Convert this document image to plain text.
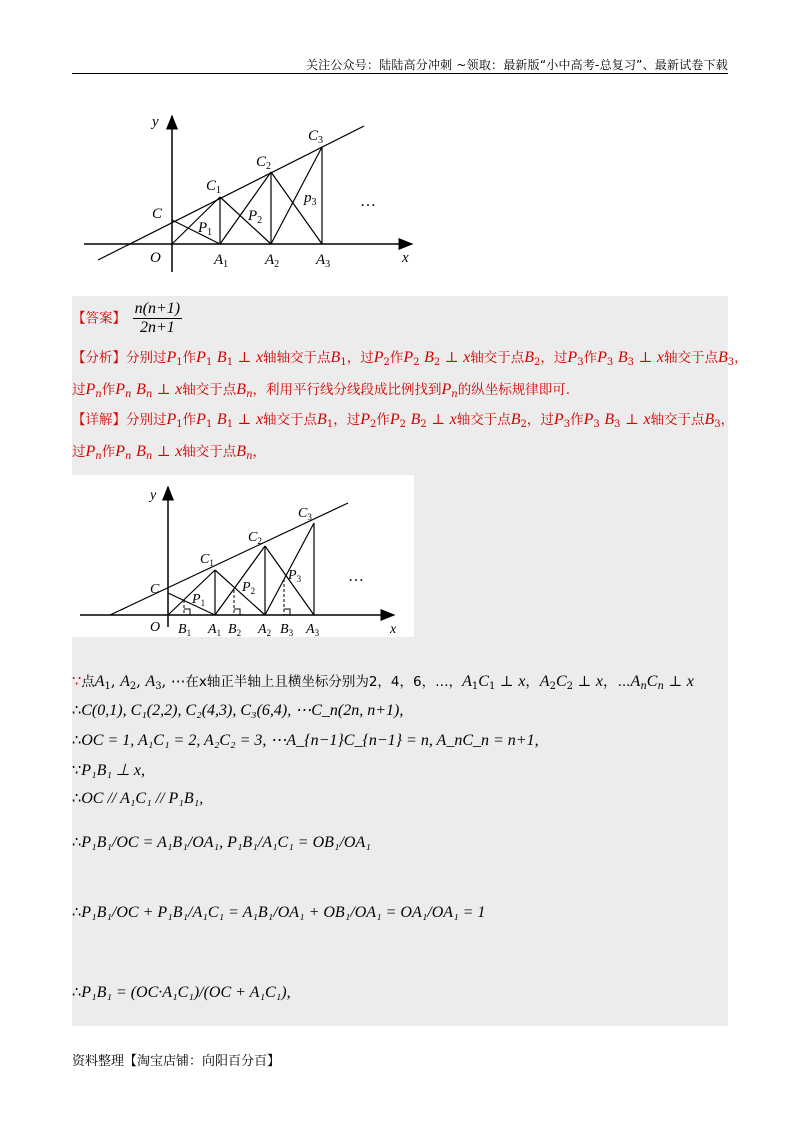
关注公众号：陆陆高分冲刺 ~领取：最新版“小中高考-总复习”、最新试卷下载
y
x
O
C
$C_1$
$C_2$
$C_3$
$P_1$
$P_2$
$p_3$
$A_1$ $A_2$ $A_3$
…
【答案】 $\frac{n(n+1)}{2n+1}$
【分析】分别过$P_1$作$P_1$ $B_1$ ⊥ x轴轴交于点$B_1$，过$P_2$作$P_2$ $B_2$ ⊥ x轴交于点$B_2$，过$P_3$作$P_3$ $B_3$ ⊥ x轴交于点$B_3$，
过$P_n$作$P_n$ $B_n$ ⊥ x轴交于点$B_n$，利用平行线分线段成比例找到$P_n$的纵坐标规律即可.
【详解】分别过$P_1$作$P_1$ $B_1$ ⊥ x轴交于点$B_1$，过$P_2$作$P_2$ $B_2$ ⊥ x轴交于点$B_2$，过$P_3$作$P_3$ $B_3$ ⊥ x轴交于点$B_3$，
过$P_n$作$P_n$ $B_n$ ⊥ x轴交于点$B_n$，
y
x
O
C
$C_1$
$C_2$
$C_3$
$P_1$
$P_2$
$P_3$
$B_1$ $A_1$ $B_2$ $A_2$ $B_3$ $A_3$
…
∵点$A_1$, $A_2$, $A_3$, ⋯在x轴正半轴上且横坐标分别为2，4，6，…，$A_1C_1$ ⊥ x，$A_2C_2$ ⊥ x，$\cdots A_nC_n$ ⊥ x
∴C(0,1), C₁(2,2), C₂(4,3), C₃(6,4), ⋯C_n(2n, n+1),
∴OC = 1, A₁C₁ = 2, A₂C₂ = 3, ⋯A_{n−1}C_{n−1} = n, A_nC_n = n+1,
∵P₁B₁ ⊥ x,
∴OC // A₁C₁ // P₁B₁,
∴P₁B₁/OC = A₁B₁/OA₁, P₁B₁/A₁C₁ = OB₁/OA₁
∴P₁B₁/OC + P₁B₁/A₁C₁ = A₁B₁/OA₁ + OB₁/OA₁ = OA₁/OA₁ = 1
∴P₁B₁ = (OC·A₁C₁)/(OC + A₁C₁),
资料整理【淘宝店铺：向阳百分百】
